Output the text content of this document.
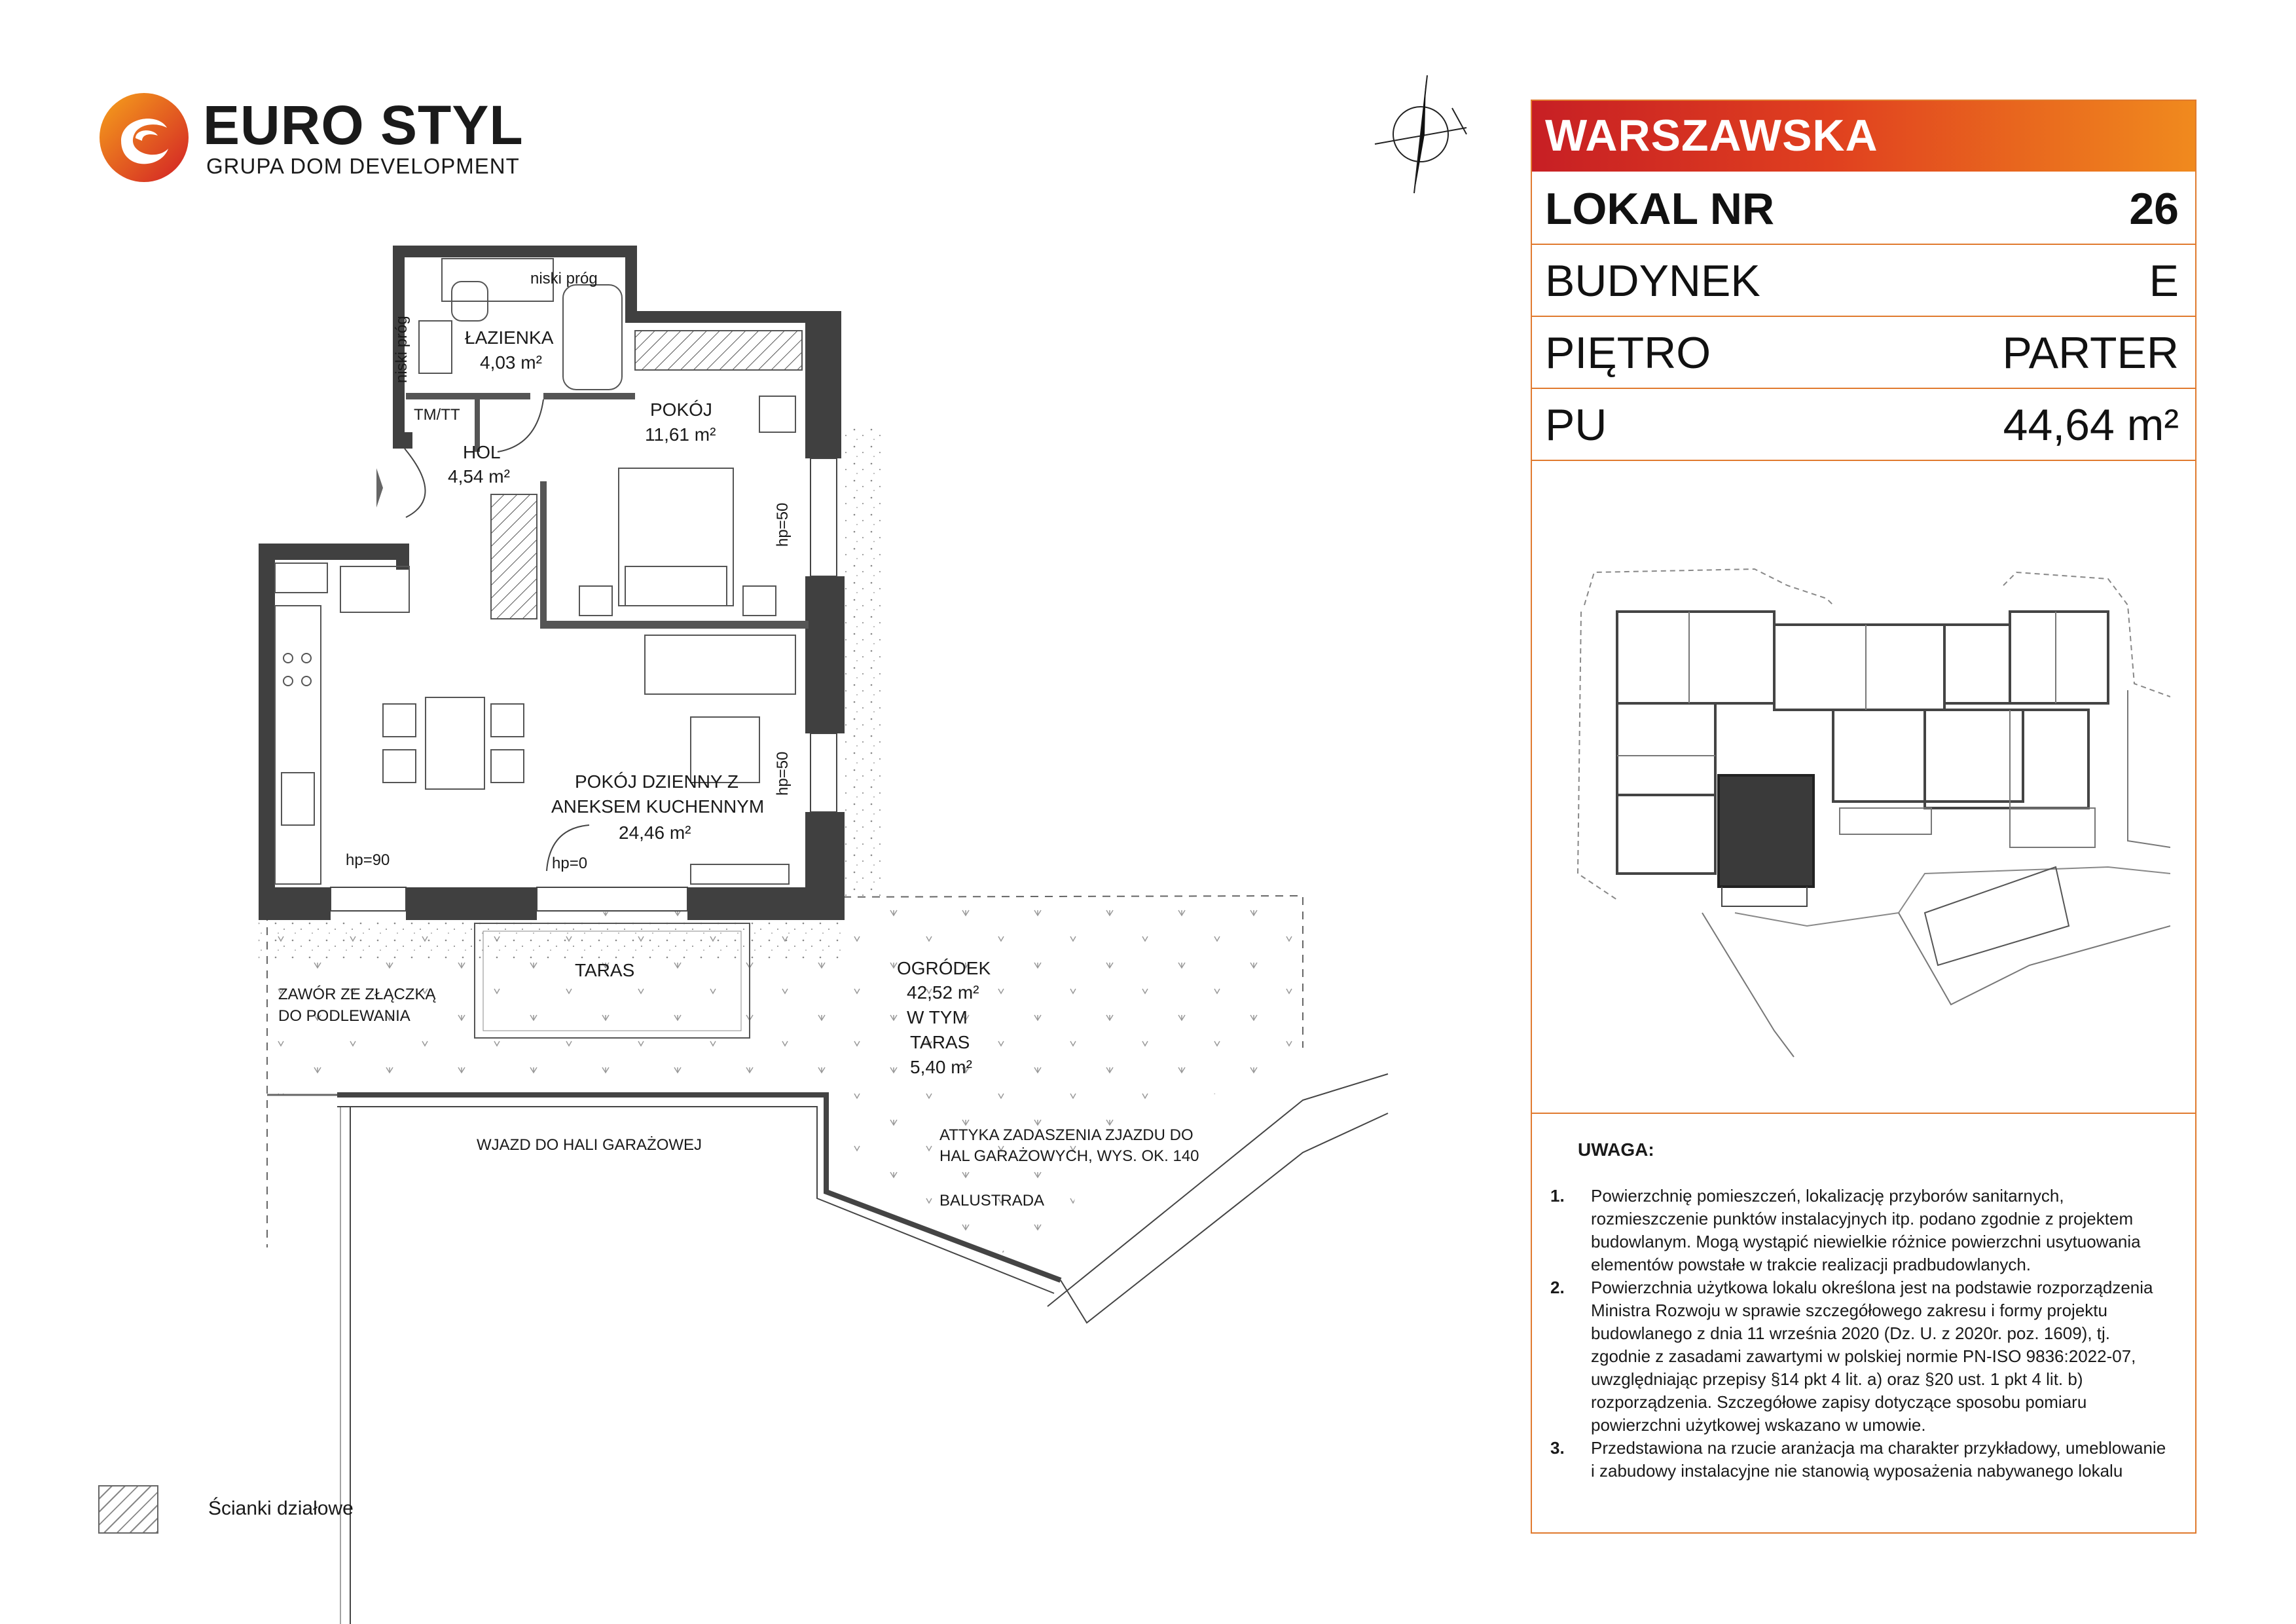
EURO STYL
GRUPA DOM DEVELOPMENT
ŁAZIENKA
4,03 m²
POKÓJ
11,61 m²
HOL
4,54 m²
POKÓJ DZIENNY Z
ANEKSEM KUCHENNYM
24,46 m²
TARAS	OGRÓDEK
42,52 m²
W TYM
TARAS
5,40 m²
niski próg
niski próg
TM/TT
hp=50
hp=50
hp=90	hp=0
ZAWÓR ZE ZŁĄCZKĄ
DO PODLEWANIA
WJAZD DO HALI GARAŻOWEJ
ATTYKA ZADASZENIA ZJAZDU DO
HAL GARAŻOWYCH, WYS. OK. 140
BALUSTRADA
Ścianki działowe
WARSZAWSKA
LOKAL NR	26
BUDYNEK	E
PIĘTRO	PARTER
PU	44,64 m²
UWAGA:
1. Powierzchnię pomieszczeń, lokalizację przyborów sanitarnych, rozmieszczenie punktów instalacyjnych itp. podano zgodnie z projektem budowlanym. Mogą wystąpić niewielkie różnice powierzchni usytuowania elementów powstałe w trakcie realizacji pradbudowlanych.
2. Powierzchnia użytkowa lokalu określona jest na podstawie rozporządzenia Ministra Rozwoju w sprawie szczegółowego zakresu i formy projektu budowlanego z dnia 11 września 2020 (Dz. U. z 2020r. poz. 1609), tj. zgodnie z zasadami zawartymi w polskiej normie PN-ISO 9836:2022-07, uwzględniając przepisy §14 pkt 4 lit. a) oraz §20 ust. 1 pkt 4 lit. b) rozporządzenia. Szczegółowe zapisy dotyczące sposobu pomiaru powierzchni użytkowej wskazano w umowie.
3. Przedstawiona na rzucie aranżacja ma charakter przykładowy, umeblowanie i zabudowy instalacyjne nie stanowią wyposażenia nabywanego lokalu
